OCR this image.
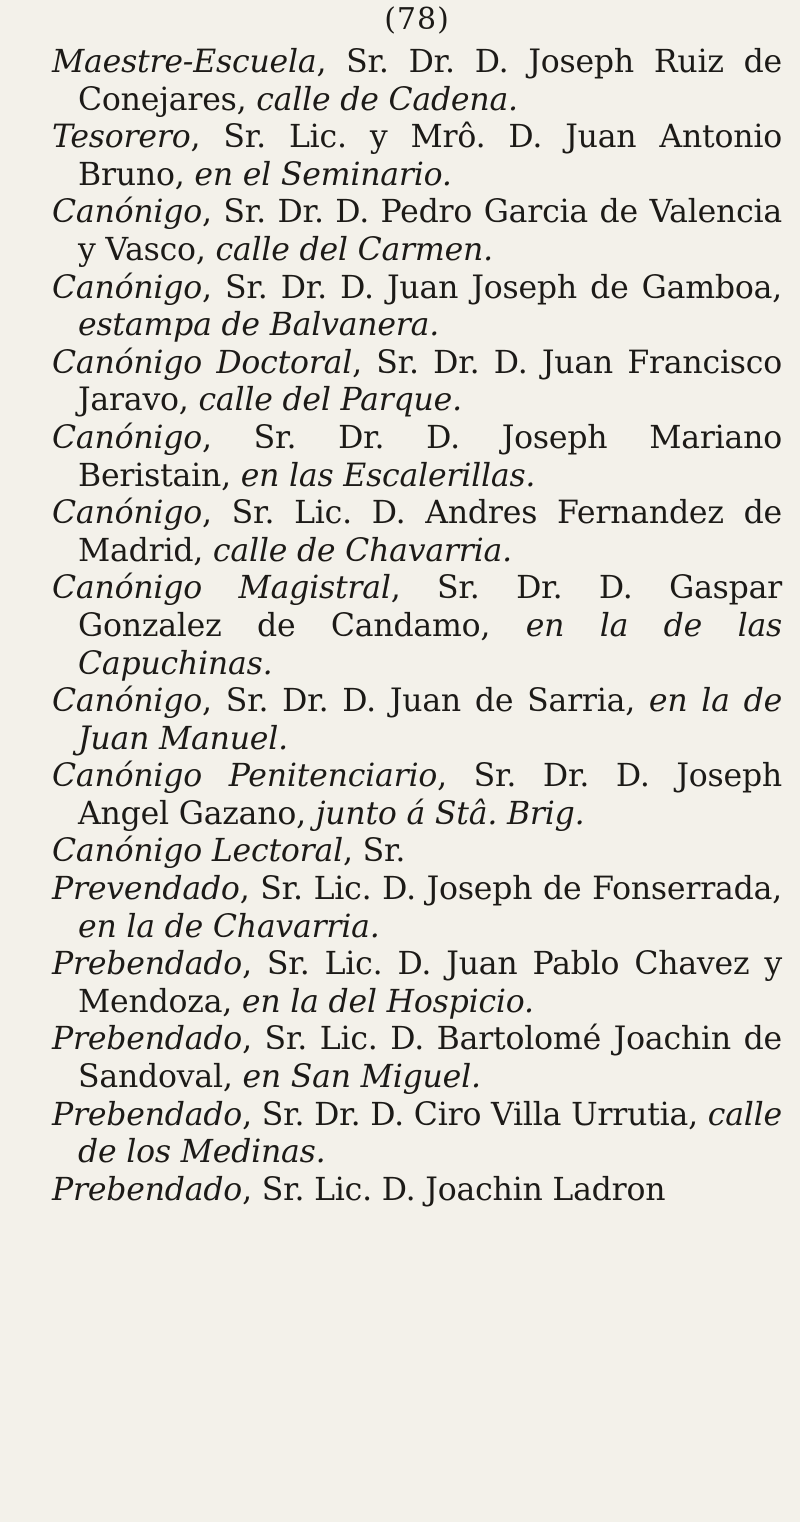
(78)
Maestre-Escuela, Sr. Dr. D. Joseph Ruiz de Conejares, calle de Cadena.
Tesorero, Sr. Lic. y Mrô. D. Juan Antonio Bruno, en el Seminario.
Canónigo, Sr. Dr. D. Pedro Garcia de Valencia y Vasco, calle del Carmen.
Canónigo, Sr. Dr. D. Juan Joseph de Gamboa, estampa de Balvanera.
Canónigo Doctoral, Sr. Dr. D. Juan Francisco Jaravo, calle del Parque.
Canónigo, Sr. Dr. D. Joseph Mariano Beristain, en las Escalerillas.
Canónigo, Sr. Lic. D. Andres Fernandez de Madrid, calle de Chavarria.
Canónigo Magistral, Sr. Dr. D. Gaspar Gonzalez de Candamo, en la de las Capuchinas.
Canónigo, Sr. Dr. D. Juan de Sarria, en la de Juan Manuel.
Canónigo Penitenciario, Sr. Dr. D. Joseph Angel Gazano, junto á Stâ. Brig.
Canónigo Lectoral, Sr.
Prevendado, Sr. Lic. D. Joseph de Fonserrada, en la de Chavarria.
Prebendado, Sr. Lic. D. Juan Pablo Chavez y Mendoza, en la del Hospicio.
Prebendado, Sr. Lic. D. Bartolomé Joachin de Sandoval, en San Miguel.
Prebendado, Sr. Dr. D. Ciro Villa Urrutia, calle de los Medinas.
Prebendado, Sr. Lic. D. Joachin Ladron
